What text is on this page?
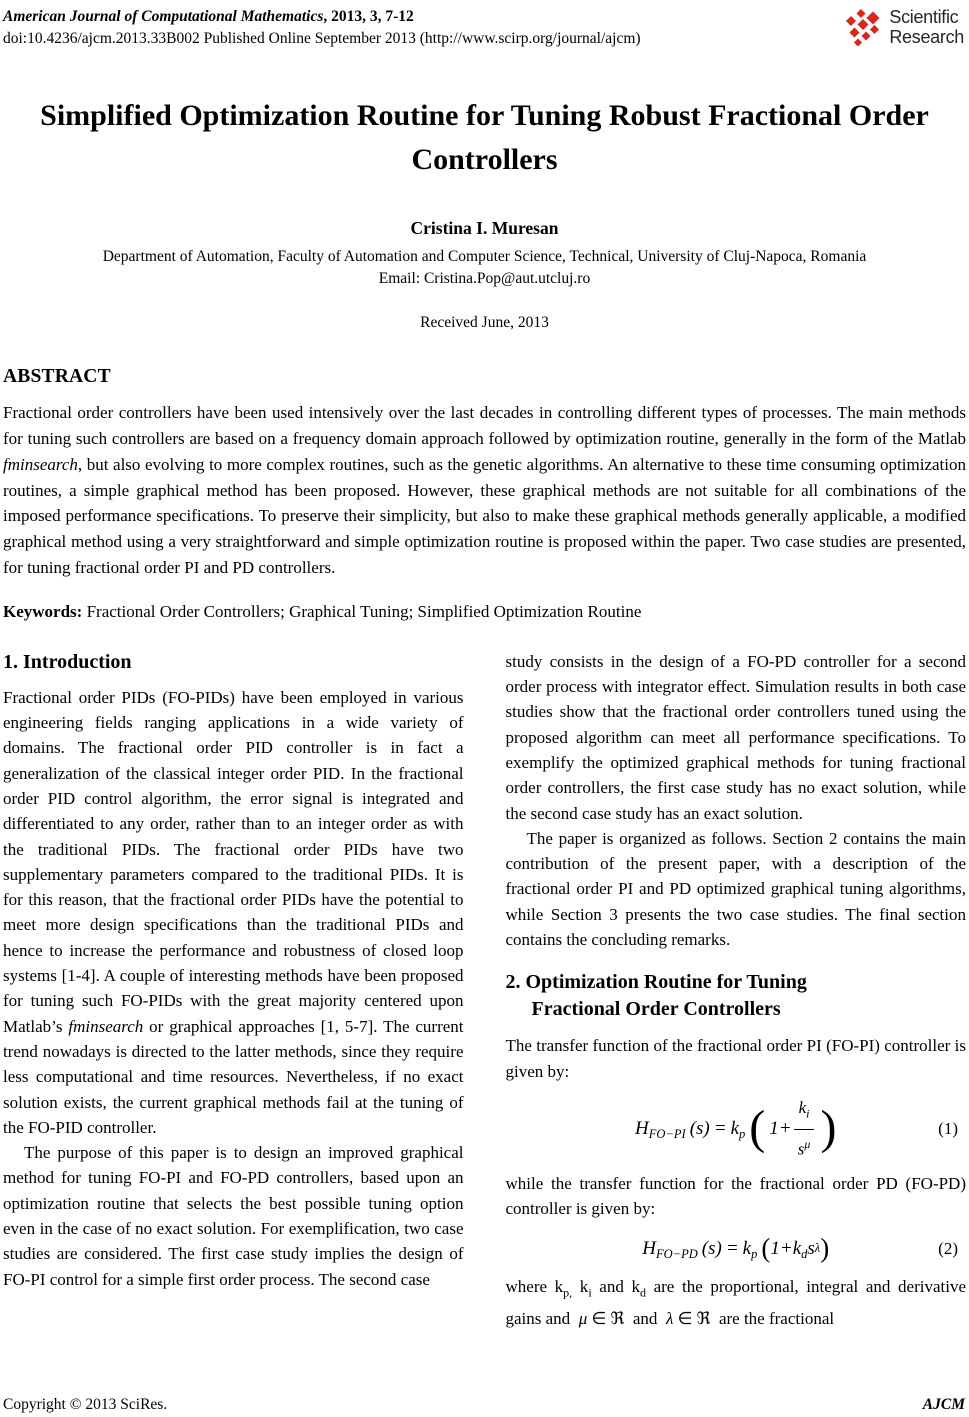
American Journal of Computational Mathematics, 2013, 3, 7-12
doi:10.4236/ajcm.2013.33B002 Published Online September 2013 (http://www.scirp.org/journal/ajcm)
Scientific
Research
Simplified Optimization Routine for Tuning Robust Fractional Order Controllers
Cristina I. Muresan
Department of Automation, Faculty of Automation and Computer Science, Technical, University of Cluj-Napoca, Romania
Email: Cristina.Pop@aut.utcluj.ro
Received June, 2013
ABSTRACT
Fractional order controllers have been used intensively over the last decades in controlling different types of processes. The main methods for tuning such controllers are based on a frequency domain approach followed by optimization routine, generally in the form of the Matlab fminsearch, but also evolving to more complex routines, such as the genetic algorithms. An alternative to these time consuming optimization routines, a simple graphical method has been proposed. However, these graphical methods are not suitable for all combinations of the imposed performance specifications. To preserve their simplicity, but also to make these graphical methods generally applicable, a modified graphical method using a very straightforward and simple optimization routine is proposed within the paper. Two case studies are presented, for tuning fractional order PI and PD controllers.
Keywords: Fractional Order Controllers; Graphical Tuning; Simplified Optimization Routine
1. Introduction

Fractional order PIDs (FO-PIDs) have been employed in various engineering fields ranging applications in a wide variety of domains. The fractional order PID controller is in fact a generalization of the classical integer order PID. In the fractional order PID control algorithm, the error signal is integrated and differentiated to any order, rather than to an integer order as with the traditional PIDs. The fractional order PIDs have two supplementary parameters compared to the traditional PIDs. It is for this reason, that the fractional order PIDs have the potential to meet more design specifications than the traditional PIDs and hence to increase the performance and robustness of closed loop systems [1-4]. A couple of interesting methods have been proposed for tuning such FO-PIDs with the great majority centered upon Matlab’s fminsearch or graphical approaches [1, 5-7]. The current trend nowadays is directed to the latter methods, since they require less computational and time resources. Nevertheless, if no exact solution exists, the current graphical methods fail at the tuning of the FO-PID controller.

The purpose of this paper is to design an improved graphical method for tuning FO-PI and FO-PD controllers, based upon an optimization routine that selects the best possible tuning option even in the case of no exact solution. For exemplification, two case studies are considered. The first case study implies the design of FO-PI control for a simple first order process. The second case

study consists in the design of a FO-PD controller for a second order process with integrator effect. Simulation results in both case studies show that the fractional order controllers tuned using the proposed algorithm can meet all performance specifications. To exemplify the optimized graphical methods for tuning fractional order controllers, the first case study has no exact solution, while the second case study has an exact solution.

The paper is organized as follows. Section 2 contains the main contribution of the present paper, with a description of the fractional order PI and PD optimized graphical tuning algorithms, while Section 3 presents the two case studies. The final section contains the concluding remarks.

2. Optimization Routine for Tuning
Fractional Order Controllers

The transfer function of the fractional order PI (FO-PI) controller is given by:

H FO−PI (s) = k p ( $1+ \frac{k_i}{s^\mu}$ )	(1)

while the transfer function for the fractional order PD (FO-PD) controller is given by:

H FO−PD (s) = k p ( 1+ k d s λ )	(2)

where $k_{p,}$ $k_i$ and $k_d$ are the proportional, integral and derivative gains and  μ ∈ ℜ  and  λ ∈ ℜ  are the fractional

Copyright © 2013 SciRes.	AJCM
